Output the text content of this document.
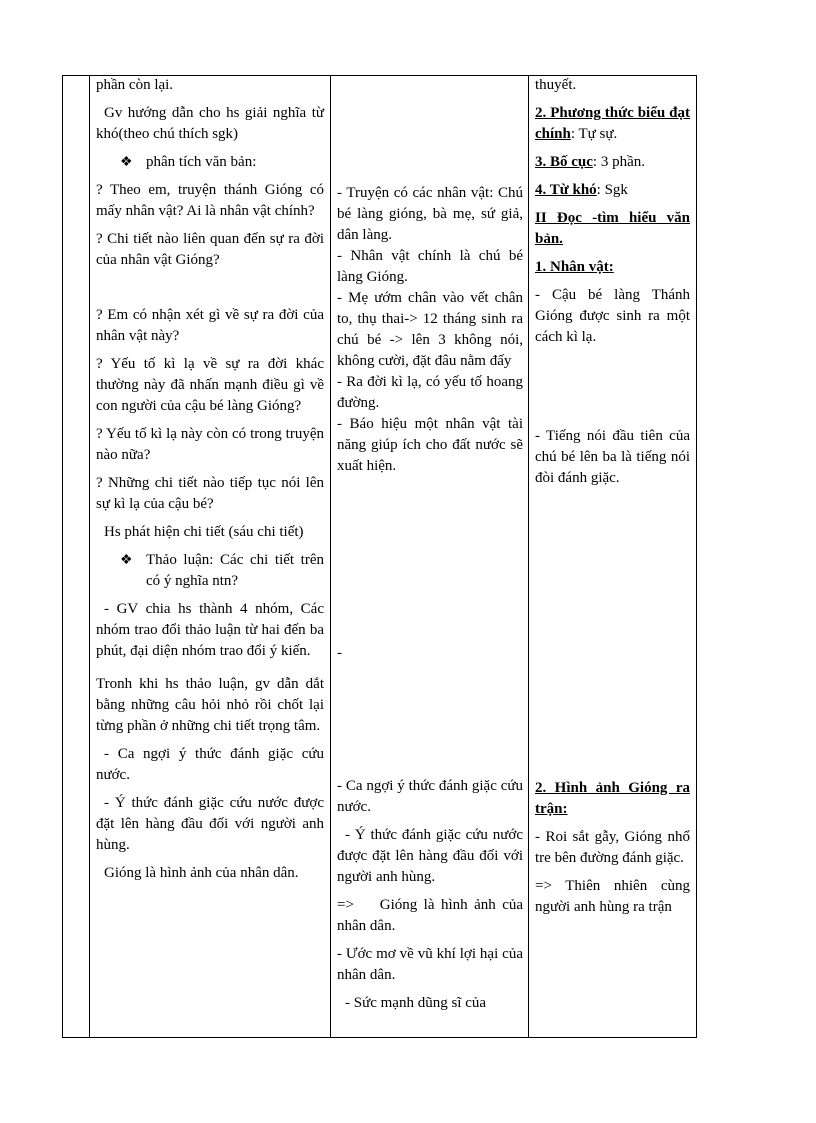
phần còn lại.

Gv hướng dẫn cho hs giải nghĩa từ khó(theo chú thích sgk)

❖ phân tích văn bản:

? Theo em, truyện thánh Gióng có mấy nhân vật? Ai là nhân vật chính?

? Chi tiết nào liên quan đến sự ra đời của nhân vật Gióng?

? Em có nhận xét gì về sự ra đời của nhân vật này?

? Yếu tố kì lạ về sự ra đời khác thường này đã nhấn mạnh điều gì về con người của cậu bé làng Gióng?

? Yếu tố kì lạ này còn có trong truyện nào nữa?

? Những chi tiết nào tiếp tục nói lên sự kì lạ của cậu bé?

Hs phát hiện chi tiết (sáu chi tiết)

❖ Thảo luận: Các chi tiết trên có ý nghĩa ntn?

- GV chia hs thành 4 nhóm, Các nhóm trao đổi thảo luận từ hai đến ba phút, đại diện nhóm trao đổi ý kiến.

Tronh khi hs thảo luận, gv dẫn dắt bằng những câu hỏi nhỏ rồi chốt lại từng phần ở những chi tiết trọng tâm.

- Ca ngợi ý thức đánh giặc cứu nước.

- Ý thức đánh giặc cứu nước được đặt lên hàng đầu đối với người anh hùng.

Gióng là hình ảnh của nhân dân.

- Truyện có các nhân vật: Chú bé làng gióng, bà mẹ, sứ giả, dân làng.

- Nhân vật chính là chú bé làng Gióng.

- Mẹ ướm chân vào vết chân to, thụ thai-> 12 tháng sinh ra chú bé -> lên 3 không nói, không cười, đặt đâu nằm đấy

- Ra đời kì lạ, có yếu tố hoang đường.

- Báo hiệu một nhân vật tài năng giúp ích cho đất nước sẽ xuất hiện.

-

- Ca ngợi ý thức đánh giặc cứu nước.

- Ý thức đánh giặc cứu nước được đặt lên hàng đầu đối với người anh hùng.

=> Gióng là hình ảnh của nhân dân.

- Ước mơ về vũ khí lợi hại của nhân dân.

- Sức mạnh dũng sĩ của

thuyết.

2. Phương thức biểu đạt chính: Tự sự.

3. Bố cục: 3 phần.

4. Từ khó: Sgk

II Đọc -tìm hiểu văn bản.

1. Nhân vật:

- Cậu bé làng Thánh Gióng được sinh ra một cách kì lạ.

- Tiếng nói đầu tiên của chú bé lên ba là tiếng nói đòi đánh giặc.

2. Hình ảnh Gióng ra trận:

- Roi sắt gẫy, Gióng nhổ tre bên đường đánh giặc.

=> Thiên nhiên cùng người anh hùng ra trận
